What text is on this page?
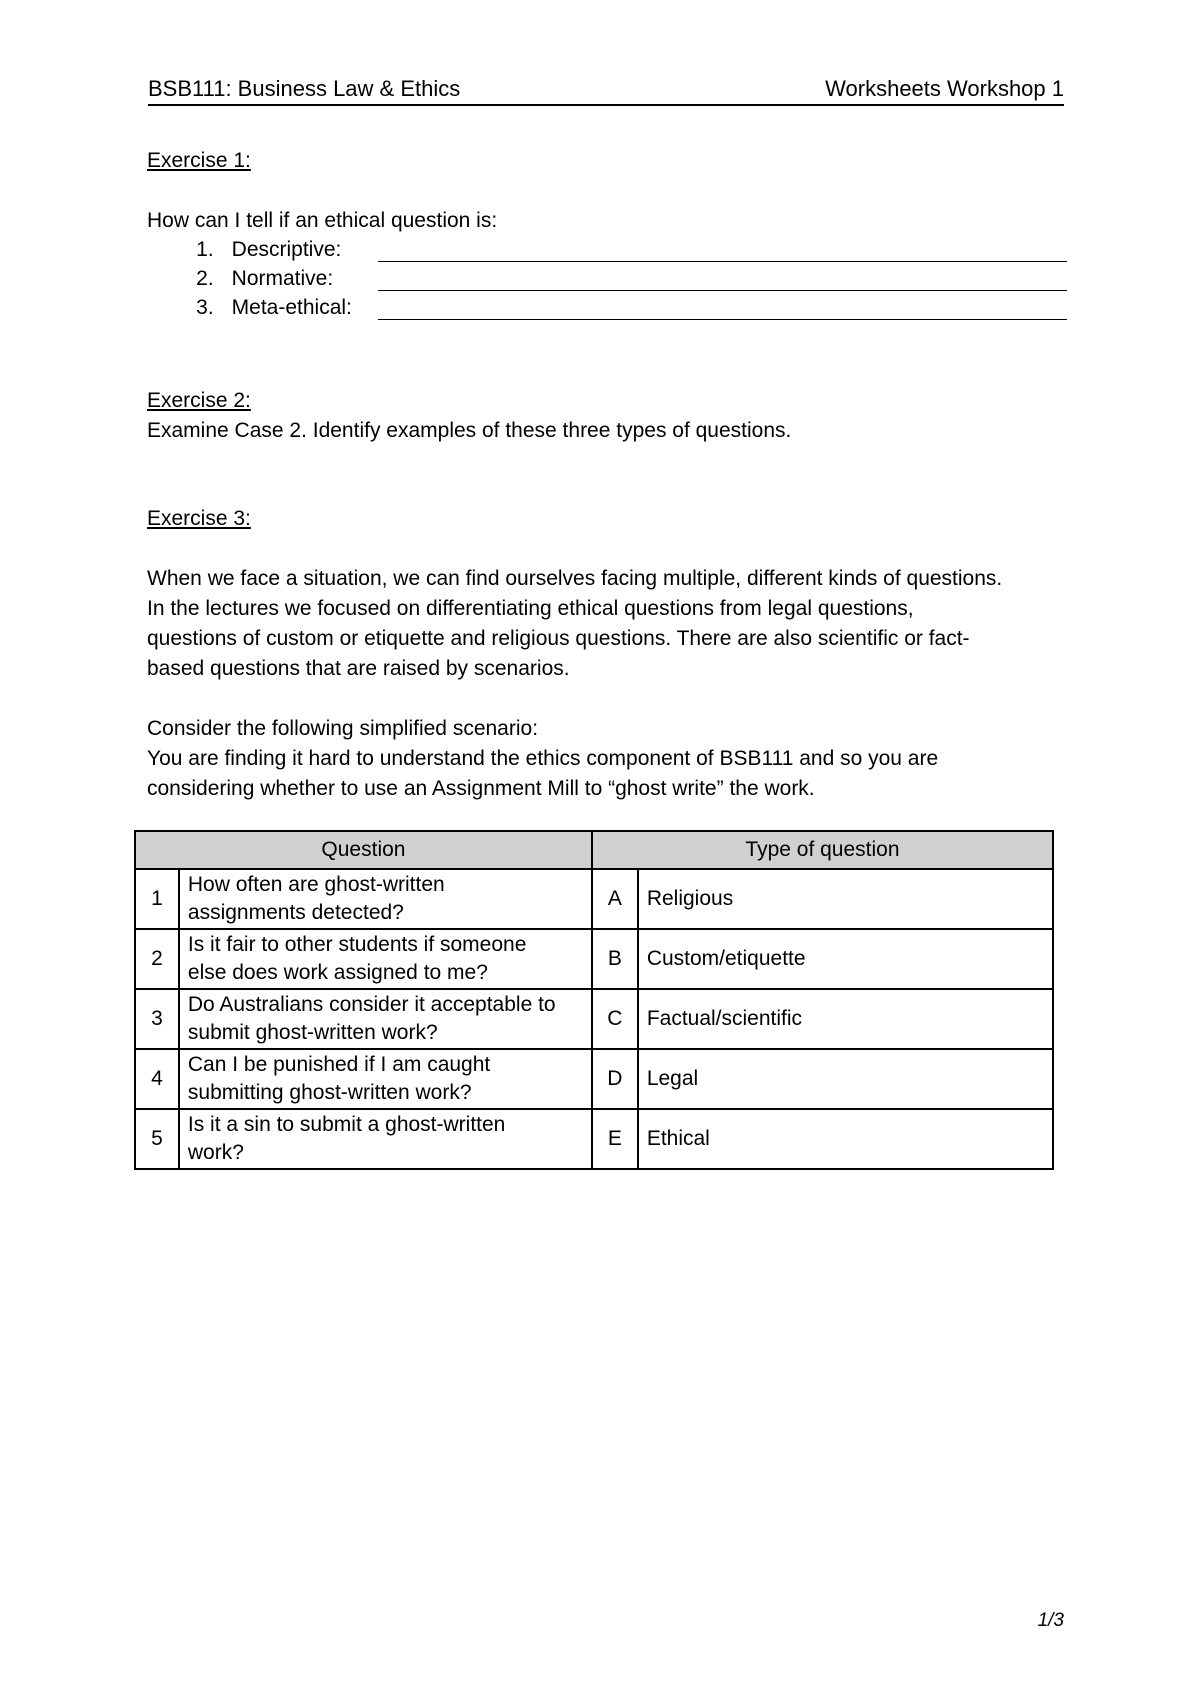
BSB111: Business Law & Ethics	Worksheets Workshop 1
Exercise 1:
How can I tell if an ethical question is:
1. Descriptive:
2. Normative:
3. Meta-ethical:
Exercise 2:
Examine Case 2. Identify examples of these three types of questions.
Exercise 3:
When we face a situation, we can find ourselves facing multiple, different kinds of questions.
In the lectures we focused on differentiating ethical questions from legal questions,
questions of custom or etiquette and religious questions. There are also scientific or fact-
based questions that are raised by scenarios.
Consider the following simplified scenario:
You are finding it hard to understand the ethics component of BSB111 and so you are
considering whether to use an Assignment Mill to “ghost write” the work.
Question		Type of question	
1	How often are ghost-written
assignments detected?	A	Religious
2	Is it fair to other students if someone
else does work assigned to me?	B	Custom/etiquette
3	Do Australians consider it acceptable to
submit ghost-written work?	C	Factual/scientific
4	Can I be punished if I am caught
submitting ghost-written work?	D	Legal
5	Is it a sin to submit a ghost-written
work?	E	Ethical
1/3
